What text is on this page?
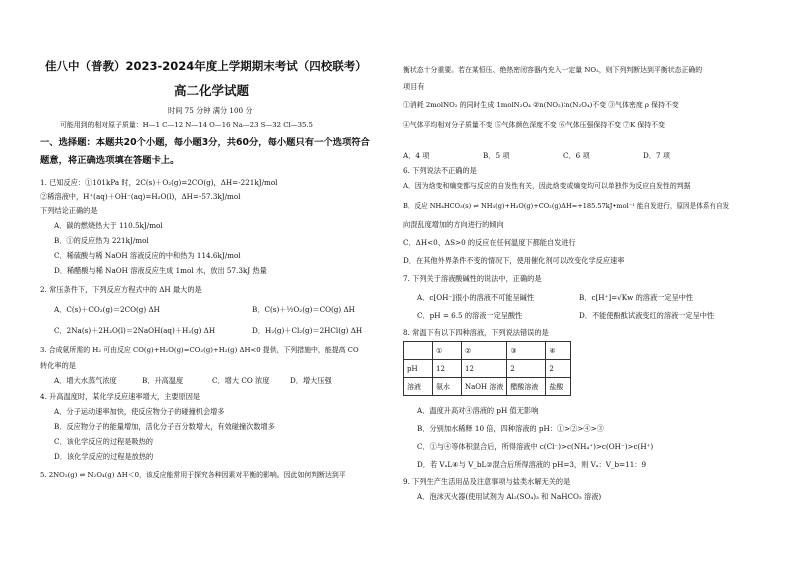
佳八中（普教）2023-2024年度上学期期末考试（四校联考）
高二化学试题
时间 75 分钟 满分 100 分
可能用到的相对原子质量：H—1 C—12 N—14 O—16 Na—23 S—32 Cl—35.5
一、选择题：本题共20个小题，每小题3分，共60分，每小题只有一个选项符合
题意，将正确选项填在答题卡上。
1. 已知反应：①101kPa 时，2C(s)＋O₂(g)=2CO(g)，ΔH=-221kJ/mol
②稀溶液中，H⁺(aq)＋OH⁻(aq)=H₂O(l)，ΔH=-57.3kJ/mol
下列结论正确的是
A．碳的燃烧热大于 110.5kJ/mol
B．①的反应热为 221kJ/mol
C．稀硫酸与稀 NaOH 溶液反应的中和热为 114.6kJ/mol
D．稀醋酸与稀 NaOH 溶液反应生成 1mol 水，放出 57.3kJ 热量
2. 常压条件下，下列反应方程式中的 ΔH 最大的是
A．C(s)＋CO₂(g)＝2CO(g) ΔH	B．C(s)＋½O₂(g)＝CO(g) ΔH
C．2Na(s)＋2H₂O(l)＝2NaOH(aq)＋H₂(g) ΔH	D．H₂(g)＋Cl₂(g)＝2HCl(g) ΔH
3. 合成氨所需的 H₂ 可由反应 CO(g)+H₂O(g)=CO₂(g)+H₂(g) ΔH<0 提供，下列措施中，能提高 CO
转化率的是
A．增大水蒸气浓度	B．升高温度	C．增大 CO 浓度	D．增大压强
4. 升高温度时，某化学反应速率增大，主要原因是
A．分子运动速率加快，使反应物分子的碰撞机会增多
B．反应物分子的能量增加，活化分子百分数增大，有效碰撞次数增多
C．该化学反应的过程是吸热的
D．该化学反应的过程是放热的
5. 2NO₂(g) ⇌ N₂O₄(g) ΔH＜0，该反应能常用于探究各种因素对平衡的影响。因此如何判断达到平
衡状态十分重要。若在某恒压、绝热密闭容器内充入一定量 NO₂，则下列判断达到平衡状态正确的
项目有
①消耗 2molNO₂ 的同时生成 1molN₂O₄ ②n(NO₂)∶n(N₂O₄)不变 ③气体密度 ρ 保持不变
④气体平均相对分子质量不变 ⑤气体颜色深度不变 ⑥气体压强保持不变 ⑦K 保持不变
A．4 项	B．5 项	C．6 项	D．7 项
6. 下列说法不正确的是
A．因为焓变和熵变都与反应的自发性有关，因此焓变或熵变均可以单独作为反应自发性的判据
B．反应 NH₄HCO₃(s) ⇌ NH₃(g)+H₂O(g)+CO₂(g)ΔH=+185.57kJ•mol⁻¹ 能自发进行，原因是体系有自发
向混乱度增加的方向进行的倾向
C．ΔH<0、ΔS>0 的反应在任何温度下都能自发进行
D．在其他外界条件不变的情况下，使用催化剂可以改变化学反应速率
7. 下列关于溶液酸碱性的说法中，正确的是
A．c[OH⁻]很小的溶液不可能呈碱性	B．c[H⁺]=√Kw 的溶液一定呈中性
C．pH = 6.5 的溶液一定呈酸性	D．不能使酚酞试液变红的溶液一定呈中性
8. 常温下有以下四种溶液，下列说法错误的是
	①	②	③	④
pH	12	12	2	2
溶液	氨水	NaOH 溶液	醋酸溶液	盐酸
A．温度升高对④溶液的 pH 值无影响
B．分别加水稀释 10 倍，四种溶液的 pH：①>②>④>③
C．①与④等体积混合后，所得溶液中 c(Cl⁻)>c(NH₄⁺)>c(OH⁻)>c(H⁺)
D．若 VₐL④与 V_bL②混合后所得溶液的 pH=3，则 Vₐ：V_b=11：9
9. 下列生产生活用品及注意事项与盐类水解无关的是
A．泡沫灭火器(使用试剂为 Al₂(SO₄)₃ 和 NaHCO₃ 溶液)
